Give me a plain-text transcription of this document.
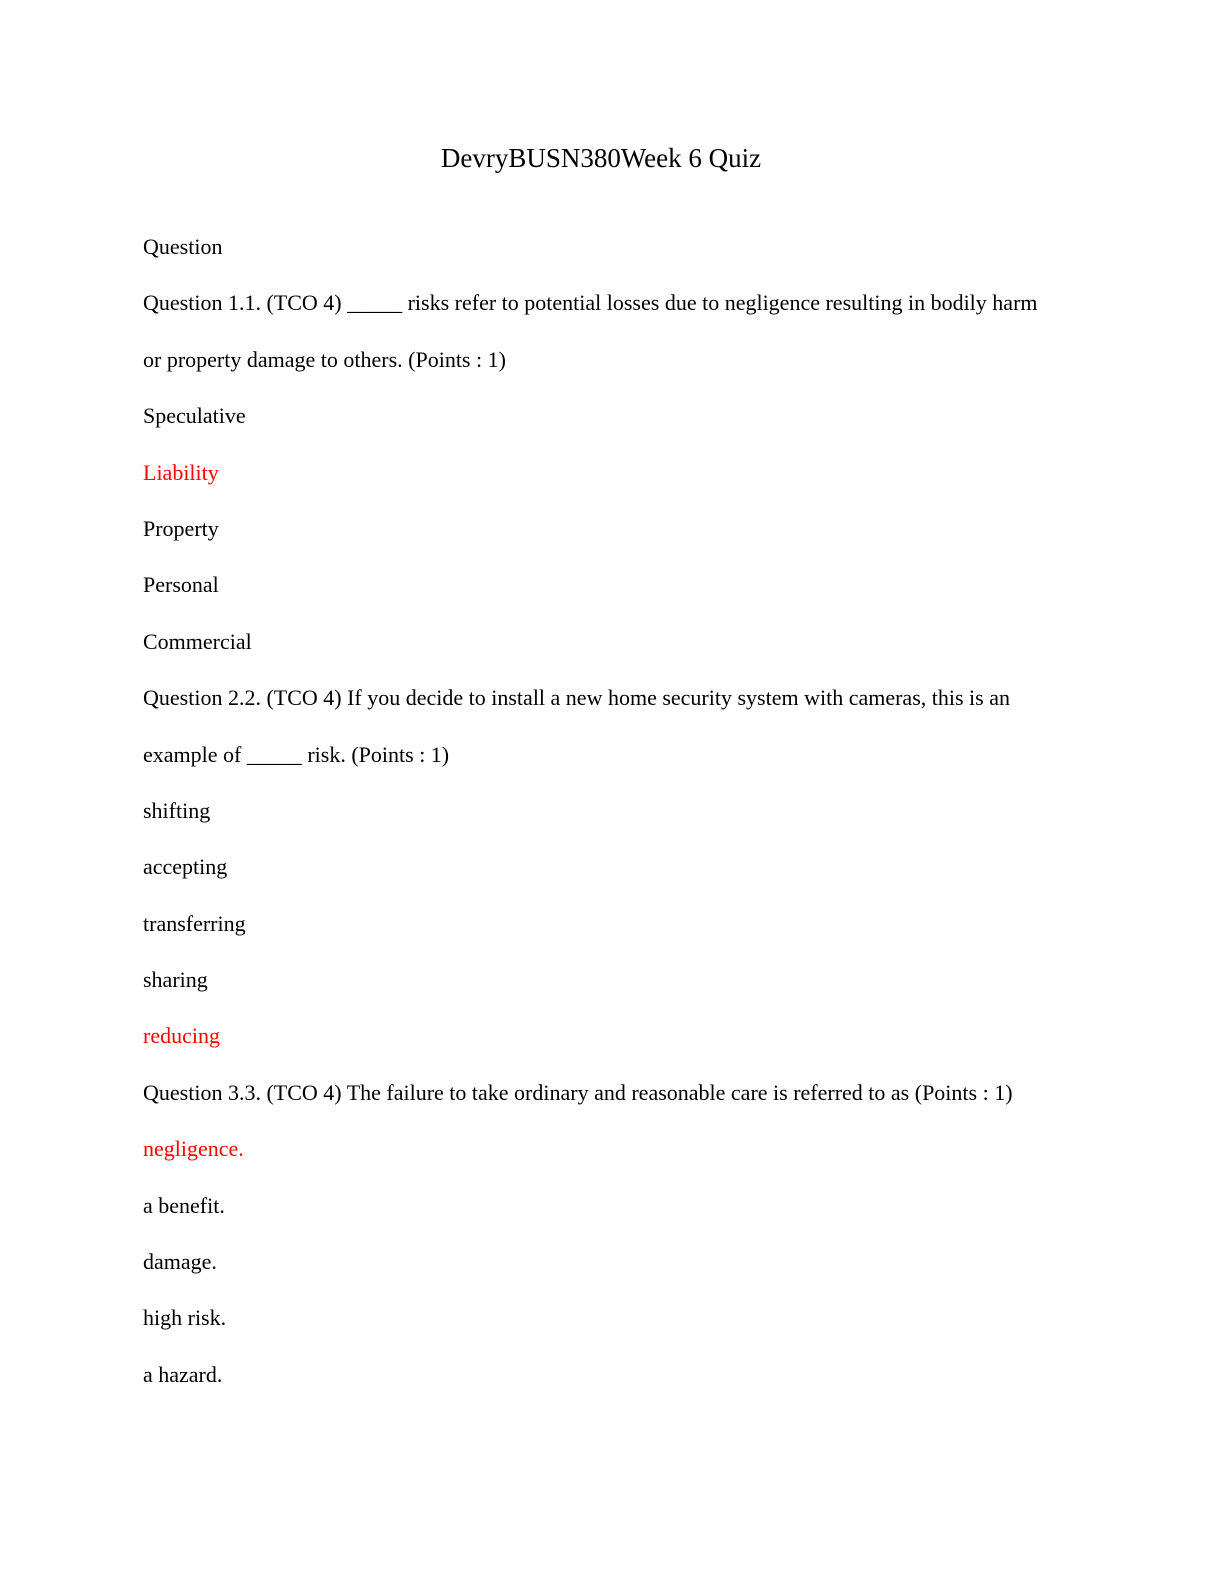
DevryBUSN380Week 6 Quiz
Question
Question 1.1. (TCO 4) _____ risks refer to potential losses due to negligence resulting in bodily harm
or property damage to others. (Points : 1)
Speculative
Liability
Property
Personal
Commercial
Question 2.2. (TCO 4) If you decide to install a new home security system with cameras, this is an
example of _____ risk. (Points : 1)
shifting
accepting
transferring
sharing
reducing
Question 3.3. (TCO 4) The failure to take ordinary and reasonable care is referred to as (Points : 1)
negligence.
a benefit.
damage.
high risk.
a hazard.
